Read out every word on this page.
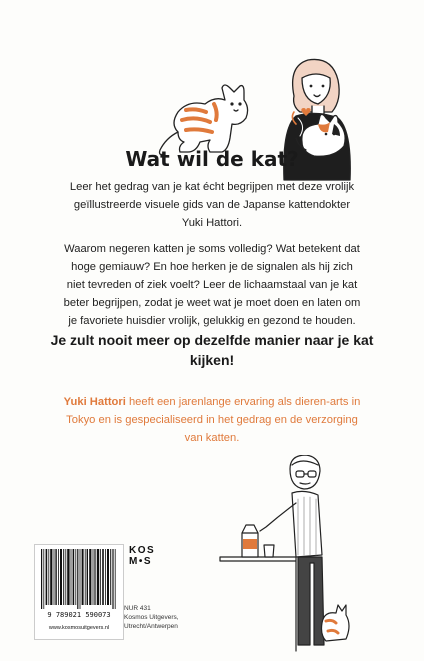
Wat wil de kat?
Leer het gedrag van je kat écht begrijpen met deze vrolijk geïllustreerde visuele gids van de Japanse kattendokter Yuki Hattori.
Waarom negeren katten je soms volledig? Wat betekent dat hoge gemiauw? En hoe herken je de signalen als hij zich niet tevreden of ziek voelt? Leer de lichaamstaal van je kat beter begrijpen, zodat je weet wat je moet doen en laten om je favoriete huisdier vrolijk, gelukkig en gezond te houden.
Je zult nooit meer op dezelfde manier naar je kat kijken!
Yuki Hattori heeft een jarenlange ervaring als dieren-arts in Tokyo en is gespecialiseerd in het gedrag en de verzorging van katten.
9 789021 590073
www.kosmosuitgevers.nl
KOS
M•S
NUR 431
Kosmos Uitgevers,
Utrecht/Antwerpen
